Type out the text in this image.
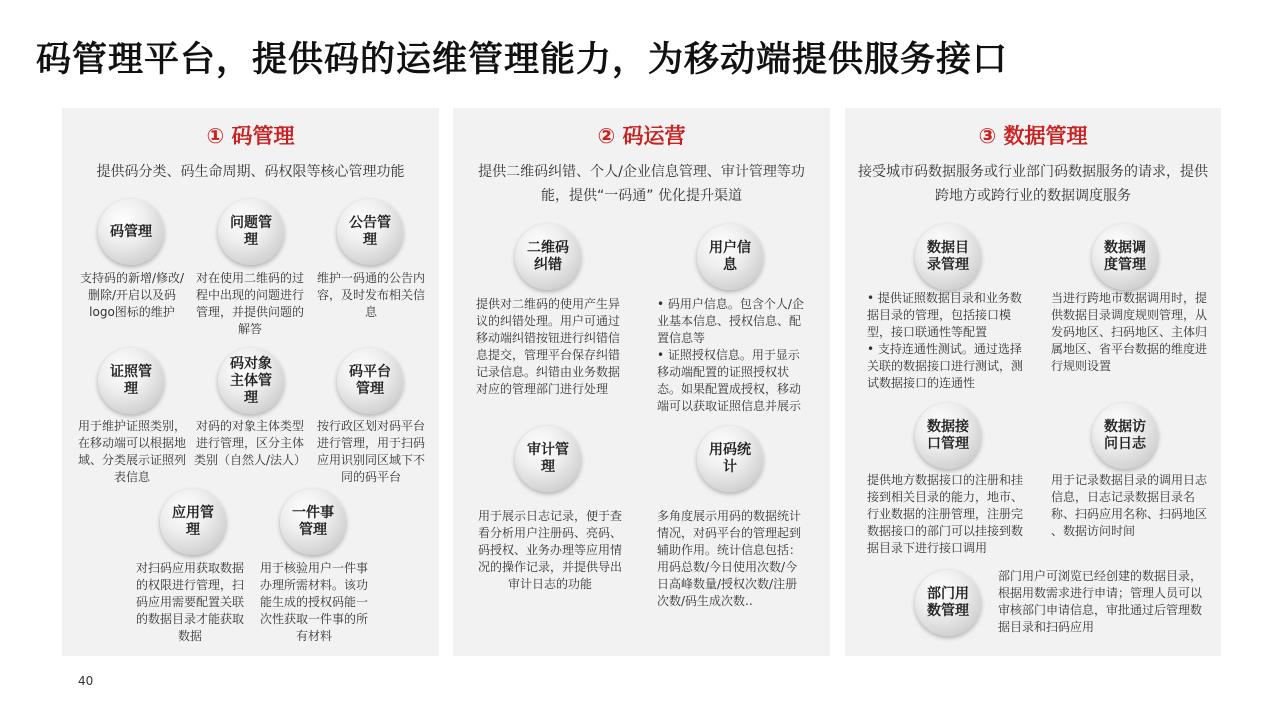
码管理平台，提供码的运维管理能力，为移动端提供服务接口
① 码管理
提供码分类、码生命周期、码权限等核心管理功能
码管理
支持码的新增/修改/删除/开启以及码logo图标的维护
问题管理
对在使用二维码的过程中出现的问题进行管理，并提供问题的解答
公告管理
维护一码通的公告内容，及时发布相关信息
证照管理
用于维护证照类别，在移动端可以根据地域、分类展示证照列表信息
码对象主体管理
对码的对象主体类型进行管理，区分主体类别（自然人/法人）
码平台管理
按行政区划对码平台进行管理，用于扫码应用识别同区域下不同的码平台
应用管理
对扫码应用获取数据的权限进行管理，扫码应用需要配置关联的数据目录才能获取数据
一件事管理
用于核验用户一件事办理所需材料。该功能生成的授权码能一次性获取一件事的所有材料
② 码运营
提供二维码纠错、个人/企业信息管理、审计管理等功能，提供“一码通” 优化提升渠道
二维码纠错
提供对二维码的使用产生异议的纠错处理。用户可通过移动端纠错按钮进行纠错信息提交，管理平台保存纠错记录信息。纠错由业务数据对应的管理部门进行处理
用户信息
• 码用户信息。包含个人/企业基本信息、授权信息、配置信息等
• 证照授权信息。用于显示移动端配置的证照授权状态。如果配置成授权，移动端可以获取证照信息并展示
审计管理
用于展示日志记录，便于查看分析用户注册码、亮码、码授权、业务办理等应用情况的操作记录，并提供导出审计日志的功能
用码统计
多角度展示用码的数据统计情况，对码平台的管理起到辅助作用。统计信息包括：用码总数/今日使用次数/今日高峰数量/授权次数/注册次数/码生成次数..
③ 数据管理
接受城市码数据服务或行业部门码数据服务的请求，提供跨地方或跨行业的数据调度服务
数据目录管理
• 提供证照数据目录和业务数据目录的管理，包括接口模型，接口联通性等配置
• 支持连通性测试。通过选择关联的数据接口进行测试，测试数据接口的连通性
数据调度管理
当进行跨地市数据调用时，提供数据目录调度规则管理，从发码地区、扫码地区、主体归属地区、省平台数据的维度进行规则设置
数据接口管理
提供地方数据接口的注册和挂接到相关目录的能力，地市、行业数据的注册管理，注册完数据接口的部门可以挂接到数据目录下进行接口调用
数据访问日志
用于记录数据目录的调用日志信息，日志记录数据目录名称、扫码应用名称、扫码地区 、数据访问时间
部门用数管理
部门用户可浏览已经创建的数据目录，根据用数需求进行申请；管理人员可以审核部门申请信息，审批通过后管理数据目录和扫码应用
40
